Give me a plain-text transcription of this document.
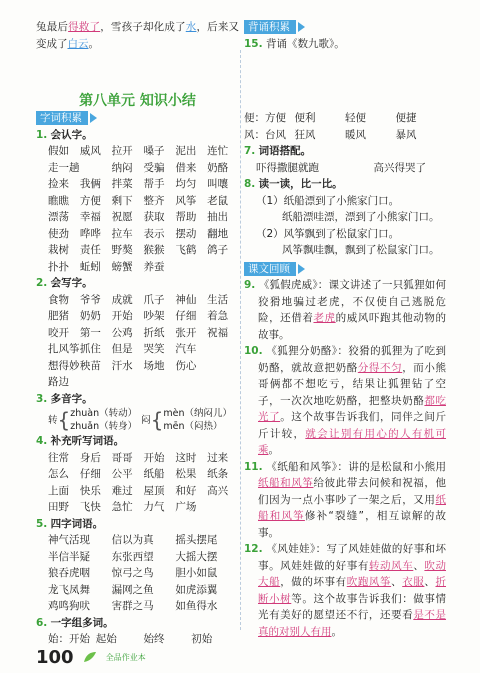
兔最后得救了，雪孩子却化成了水，后来又变成了白云。
背诵积累
15. 背诵《数九歌》。
第八单元 知识小结
字词积累
1. 会认字。
假如	威风	拉开	嗓子	泥出	连忙
走一趟	纳闷	受骗	借来	奶酪
捡来	我俩	拌菜	帮手	均匀	叫嚷
瞧瞧	方便	剩下	整齐	风筝	老鼠
漂荡	幸福	祝愿	获取	帮助	抽出
使劲	哗哗	拉车	表示	摆动	翻地
栽树	责任	野獒	猴猴	飞鹤	鸽子
扑扑	蚯蚓	螃蟹	养蚕
2. 会写字。
食物	爷爷	成就	爪子	神仙	生活
肥猪	奶奶	开始	吵架	仔细	着急
咬开	第一	公鸡	折纸	张开	祝福
扎风筝 抓住	但是	哭笑	汽车
想得妙 秧苗	汗水	场地	伤心
路边
3. 多音字。
转 { zhuàn（转动）
zhuǎn（转身）
闷 { mèn（纳闷儿）
mēn（闷热）
4. 补充听写词语。
往常	身后	哥哥	开始	这时	过来
怎么	仔细	公平	纸船	松果	纸条
上面	快乐	难过	屋顶	和好	高兴
田野	飞快	急忙	力气	广场
5. 四字词语。
神气活现	信以为真	摇头摆尾
半信半疑	东张西望	大摇大摆
狼吞虎咽	惊弓之鸟	胆小如鼠
龙飞凤舞	漏网之鱼	如虎添翼
鸡鸣狗吠	害群之马	如鱼得水
6. 一字组多词。
始：开始 起始	始终	初始
便：方便 便利	轻便	便捷
风：台风 狂风	暖风	暴风
7. 词语搭配。
吓得撒腿就跑	高兴得哭了
8. 读一读，比一比。
（1）纸船漂到了小熊家门口。
纸船漂哇漂，漂到了小熊家门口。
（2）风筝飘到了松鼠家门口。
风筝飘哇飘，飘到了松鼠家门口。
课文回顾
9. 《狐假虎威》：课文讲述了一只狐狸如何狡猾地骗过老虎，不仅使自己逃脱危险，还借着老虎的威风吓跑其他动物的故事。
10. 《狐狸分奶酪》：狡猾的狐狸为了吃到奶酪，就故意把奶酪分得不匀，而小熊哥俩都不想吃亏，结果让狐狸钻了空子，一次次地吃奶酪，把整块奶酪都吃光了。这个故事告诉我们，同伴之间斤斤计较，就会让别有用心的人有机可乘。
11. 《纸船和风筝》：讲的是松鼠和小熊用纸船和风筝给彼此带去问候和祝福，他们因为一点小事吵了一架之后，又用纸船和风筝修补“裂缝”，相互谅解的故事。
12. 《风娃娃》：写了风娃娃做的好事和坏事。风娃娃做的好事有转动风车、吹动大船，做的坏事有吹跑风筝、衣服、折断小树等。这个故事告诉我们：做事情光有美好的愿望还不行，还要看是不是真的对别人有用。
100	全品作业本
